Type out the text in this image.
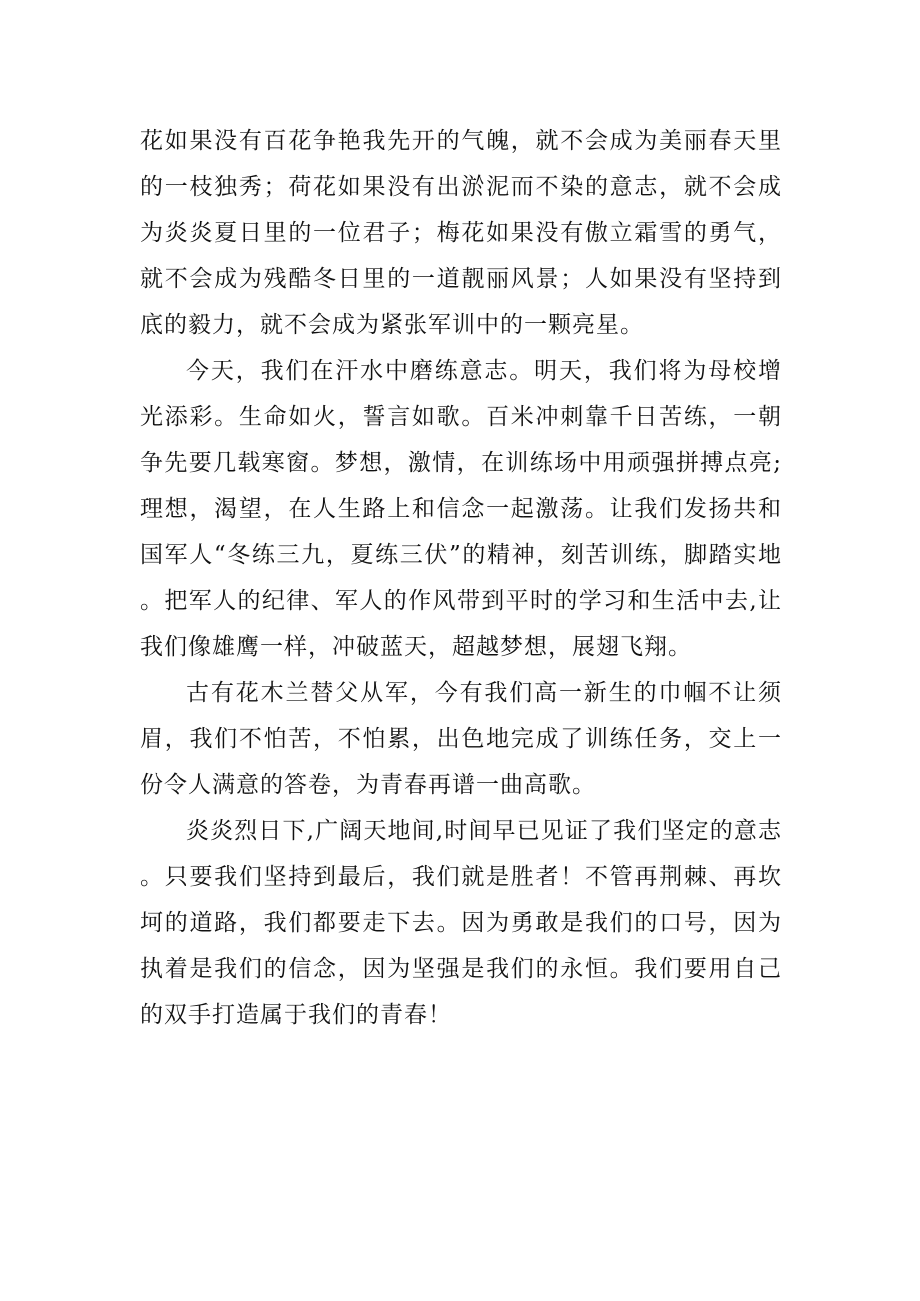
花如果没有百花争艳我先开的气魄，就不会成为美丽春天里的一枝独秀；荷花如果没有出淤泥而不染的意志，就不会成为炎炎夏日里的一位君子；梅花如果没有傲立霜雪的勇气，就不会成为残酷冬日里的一道靓丽风景；人如果没有坚持到底的毅力，就不会成为紧张军训中的一颗亮星。

今天，我们在汗水中磨练意志。明天，我们将为母校增光添彩。生命如火，誓言如歌。百米冲刺靠千日苦练，一朝争先要几载寒窗。梦想，激情，在训练场中用顽强拼搏点亮;理想，渴望，在人生路上和信念一起激荡。让我们发扬共和国军人“冬练三九，夏练三伏”的精神，刻苦训练，脚踏实地。把军人的纪律、军人的作风带到平时的学习和生活中去,让我们像雄鹰一样，冲破蓝天，超越梦想，展翅飞翔。

古有花木兰替父从军，今有我们高一新生的巾帼不让须眉，我们不怕苦，不怕累，出色地完成了训练任务，交上一份令人满意的答卷，为青春再谱一曲高歌。

炎炎烈日下,广阔天地间,时间早已见证了我们坚定的意志。只要我们坚持到最后，我们就是胜者！不管再荆棘、再坎坷的道路，我们都要走下去。因为勇敢是我们的口号，因为执着是我们的信念，因为坚强是我们的永恒。我们要用自己的双手打造属于我们的青春！
